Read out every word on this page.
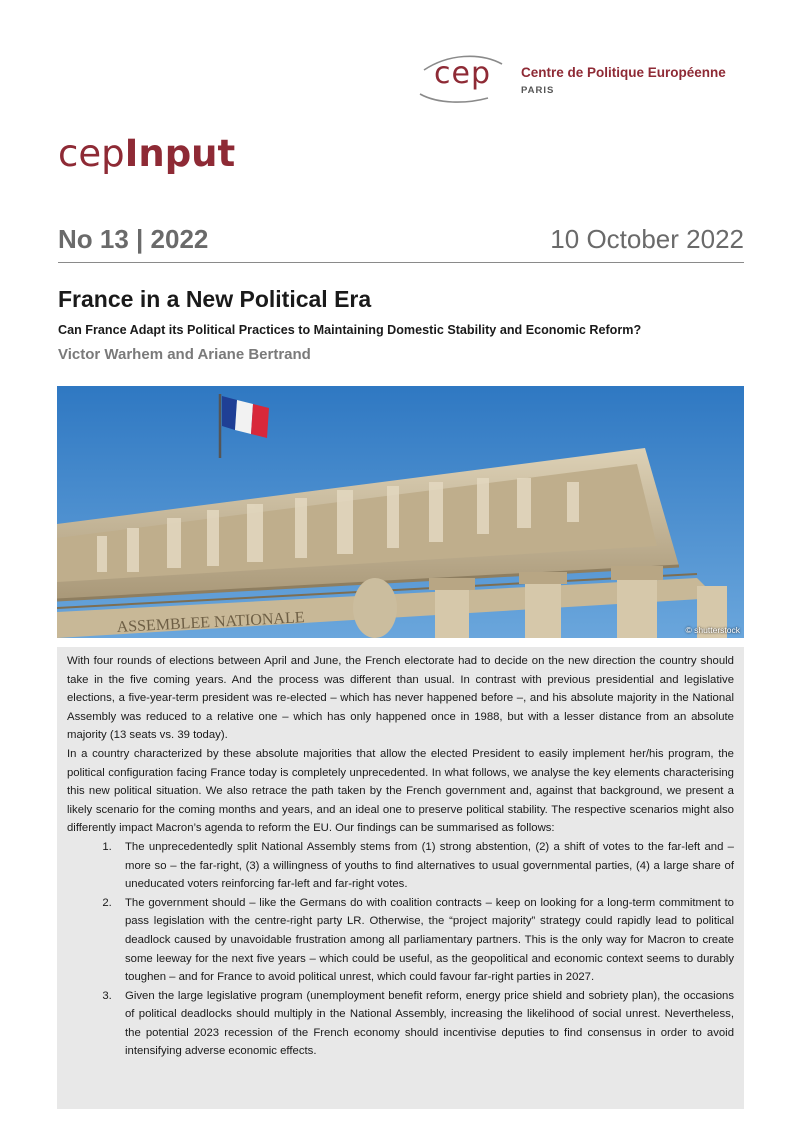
cep Centre de Politique Européenne
PARIS
cepInput
No 13 | 2022	10 October 2022
France in a New Political Era
Can France Adapt its Political Practices to Maintaining Domestic Stability and Economic Reform?
Victor Warhem and Ariane Bertrand
ASSEMBLEE NATIONALE	© shutterstock

With four rounds of elections between April and June, the French electorate had to decide on the new direction the country should take in the five coming years. And the process was different than usual. In contrast with previous presidential and legislative elections, a five-year-term president was re-elected – which has never happened before –, and his absolute majority in the National Assembly was reduced to a relative one – which has only happened once in 1988, but with a lesser distance from an absolute majority (13 seats vs. 39 today).

In a country characterized by these absolute majorities that allow the elected President to easily implement her/his program, the political configuration facing France today is completely unprecedented. In what follows, we analyse the key elements characterising this new political situation. We also retrace the path taken by the French government and, against that background, we present a likely scenario for the coming months and years, and an ideal one to preserve political stability. The respective scenarios might also differently impact Macron’s agenda to reform the EU. Our findings can be summarised as follows:

1. The unprecedentedly split National Assembly stems from (1) strong abstention, (2) a shift of votes to the far-left and – more so – the far-right, (3) a willingness of youths to find alternatives to usual governmental parties, (4) a large share of uneducated voters reinforcing far-left and far-right votes.
2. The government should – like the Germans do with coalition contracts – keep on looking for a long-term commitment to pass legislation with the centre-right party LR. Otherwise, the “project majority” strategy could rapidly lead to political deadlock caused by unavoidable frustration among all parliamentary partners. This is the only way for Macron to create some leeway for the next five years – which could be useful, as the geopolitical and economic context seems to durably toughen – and for France to avoid political unrest, which could favour far-right parties in 2027.
3. Given the large legislative program (unemployment benefit reform, energy price shield and sobriety plan), the occasions of political deadlocks should multiply in the National Assembly, increasing the likelihood of social unrest. Nevertheless, the potential 2023 recession of the French economy should incentivise deputies to find consensus in order to avoid intensifying adverse economic effects.
